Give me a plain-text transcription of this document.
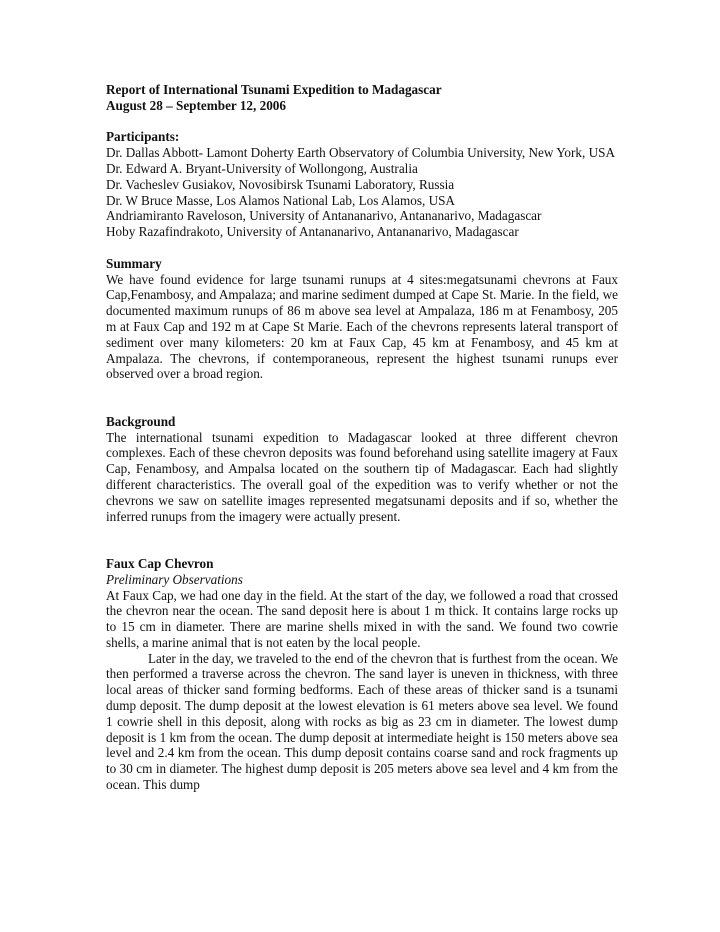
Report of International Tsunami Expedition to Madagascar

August 28 – September 12, 2006

Participants:

Dr. Dallas Abbott- Lamont Doherty Earth Observatory of Columbia University, New York, USA

Dr. Edward A. Bryant-University of Wollongong, Australia

Dr. Vacheslev Gusiakov, Novosibirsk Tsunami Laboratory, Russia

Dr. W Bruce Masse, Los Alamos National Lab, Los Alamos, USA

Andriamiranto Raveloson, University of Antananarivo, Antananarivo, Madagascar

Hoby Razafindrakoto, University of Antananarivo, Antananarivo, Madagascar

Summary

We have found evidence for large tsunami runups at 4 sites:megatsunami chevrons at Faux Cap,Fenambosy, and Ampalaza; and marine sediment dumped at Cape St. Marie. In the field, we documented maximum runups of 86 m above sea level at Ampalaza, 186 m at Fenambosy, 205 m at Faux Cap and 192 m at Cape St Marie. Each of the chevrons represents lateral transport of sediment over many kilometers: 20 km at Faux Cap, 45 km at Fenambosy, and 45 km at Ampalaza. The chevrons, if contemporaneous, represent the highest tsunami runups ever observed over a broad region.

Background

The international tsunami expedition to Madagascar looked at three different chevron complexes. Each of these chevron deposits was found beforehand using satellite imagery at Faux Cap, Fenambosy, and Ampalsa located on the southern tip of Madagascar. Each had slightly different characteristics. The overall goal of the expedition was to verify whether or not the chevrons we saw on satellite images represented megatsunami deposits and if so, whether the inferred runups from the imagery were actually present.

Faux Cap Chevron

Preliminary Observations

At Faux Cap, we had one day in the field. At the start of the day, we followed a road that crossed the chevron near the ocean. The sand deposit here is about 1 m thick. It contains large rocks up to 15 cm in diameter. There are marine shells mixed in with the sand. We found two cowrie shells, a marine animal that is not eaten by the local people.

Later in the day, we traveled to the end of the chevron that is furthest from the ocean. We then performed a traverse across the chevron. The sand layer is uneven in thickness, with three local areas of thicker sand forming bedforms. Each of these areas of thicker sand is a tsunami dump deposit. The dump deposit at the lowest elevation is 61 meters above sea level. We found 1 cowrie shell in this deposit, along with rocks as big as 23 cm in diameter. The lowest dump deposit is 1 km from the ocean. The dump deposit at intermediate height is 150 meters above sea level and 2.4 km from the ocean. This dump deposit contains coarse sand and rock fragments up to 30 cm in diameter. The highest dump deposit is 205 meters above sea level and 4 km from the ocean. This dump
